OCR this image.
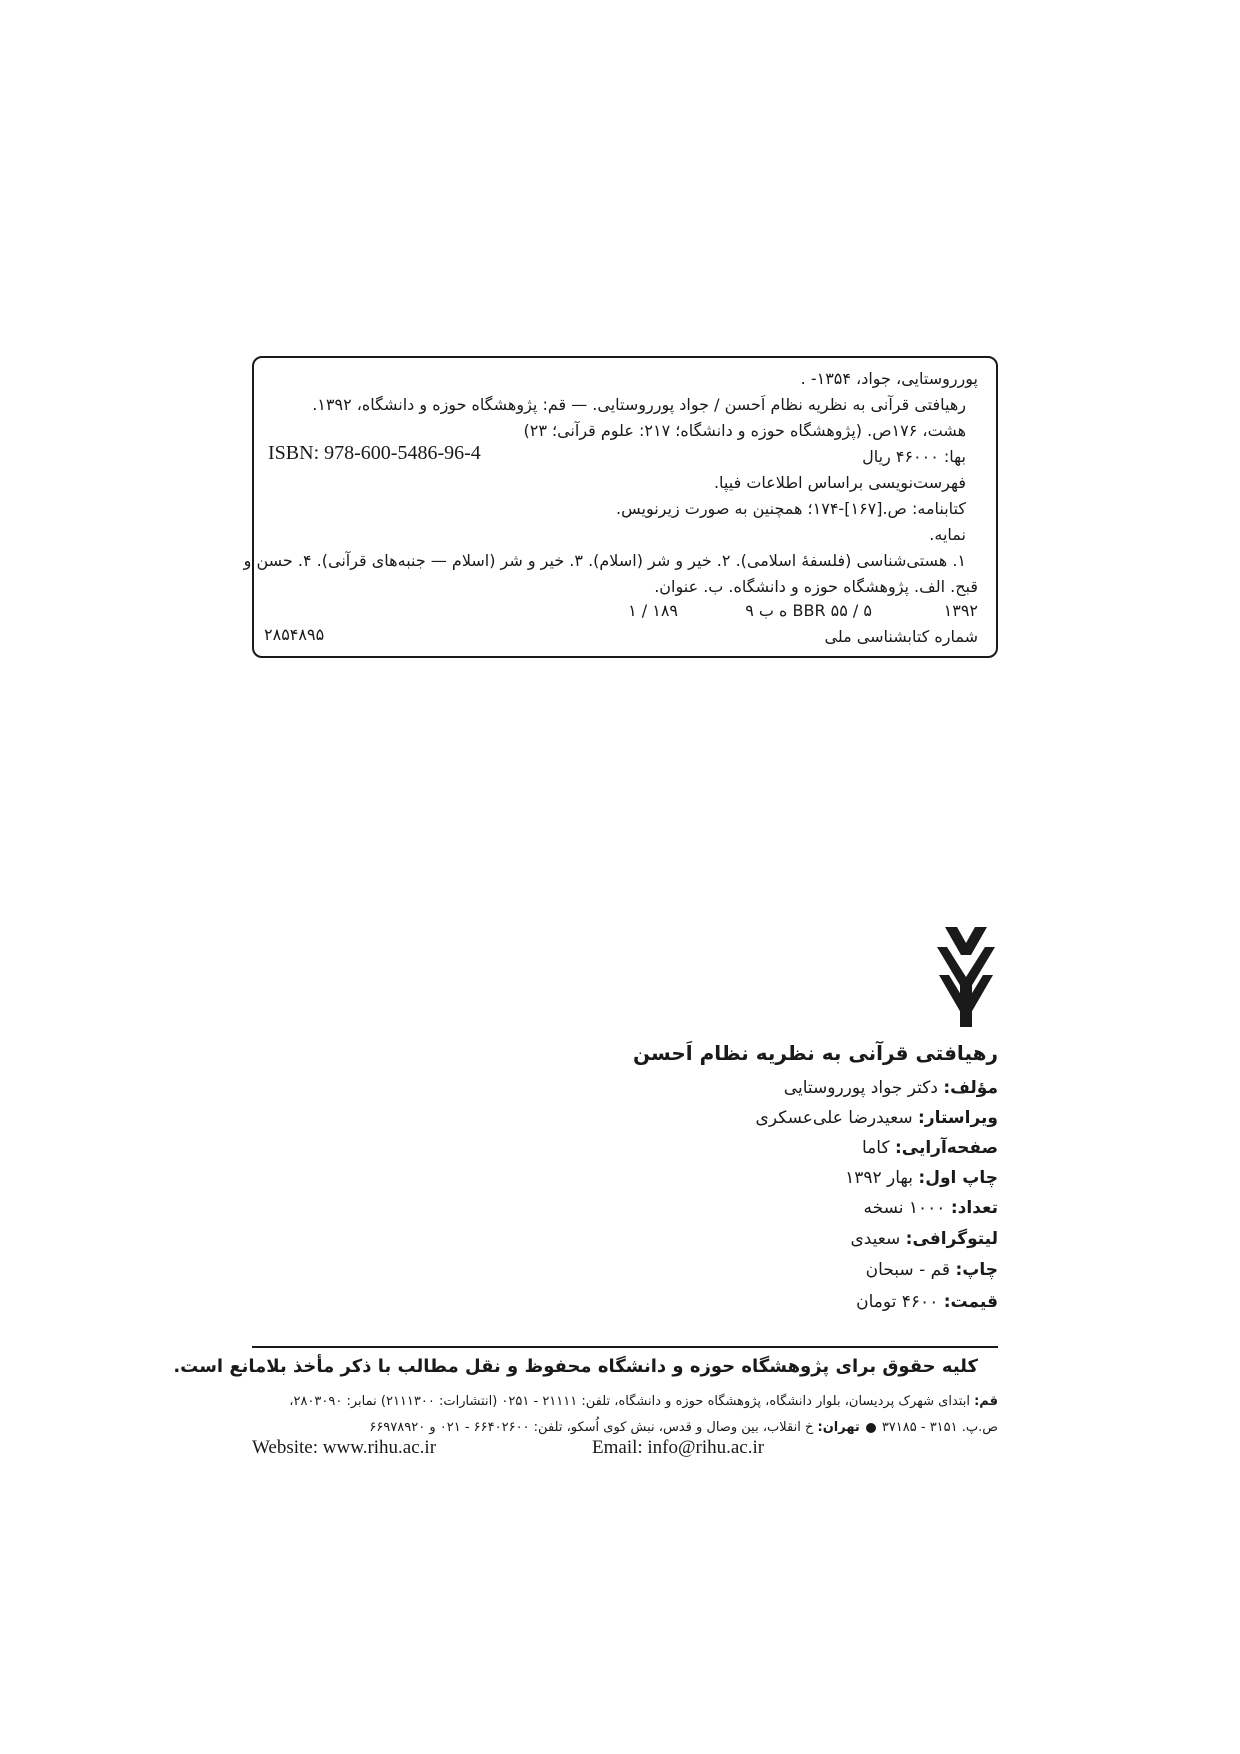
پورروستایی، جواد، ۱۳۵۴- .
رهیافتی قرآنی به نظریه نظام اَحسن / جواد پورروستایی. — قم: پژوهشگاه حوزه و دانشگاه، ۱۳۹۲.
هشت، ۱۷۶ص. (پژوهشگاه حوزه و دانشگاه؛ ۲۱۷: علوم قرآنی؛ ۲۳)
بها: ۴۶۰۰۰ ریال
ISBN: 978-600-5486-96-4
فهرست‌نویسی براساس اطلاعات فیپا.
کتابنامه: ص.[۱۶۷]-۱۷۴؛ همچنین به صورت زیرنویس.
نمایه.
۱. هستی‌شناسی (فلسفهٔ اسلامی). ۲. خیر و شر (اسلام). ۳. خیر و شر (اسلام — جنبه‌های قرآنی). ۴. حسن و
قبح. الف. پژوهشگاه حوزه و دانشگاه. ب. عنوان.
۱۳۹۲
BBR ۵۵ / ۵ ه ب ۹
۱۸۹ / ۱
شماره کتابشناسی ملی
۲۸۵۴۸۹۵
رهیافتی قرآنی به نظریه نظام اَحسن
مؤلف: دکتر جواد پورروستایی
ویراستار: سعیدرضا علی‌عسکری
صفحه‌آرایی: کاما
چاپ اول: بهار ۱۳۹۲
تعداد: ۱۰۰۰ نسخه
لیتوگرافی: سعیدی
چاپ: قم - سبحان
قیمت: ۴۶۰۰ تومان
کلیه حقوق برای پژوهشگاه حوزه و دانشگاه محفوظ و نقل مطالب با ذکر مأخذ بلامانع است.
قم: ابتدای شهرک پردیسان، بلوار دانشگاه، پژوهشگاه حوزه و دانشگاه، تلفن: ۲۱۱۱۱ - ۰۲۵۱ (انتشارات: ۲۱۱۱۳۰۰) نمابر: ۲۸۰۳۰۹۰،
ص.پ. ۳۱۵۱ - ۳۷۱۸۵تهران: خ انقلاب، بین وصال و قدس، نبش کوی اُسکو، تلفن: ۶۶۴۰۲۶۰۰ - ۰۲۱ و ۶۶۹۷۸۹۲۰
Website: www.rihu.ac.ir	Email: info@rihu.ac.ir
